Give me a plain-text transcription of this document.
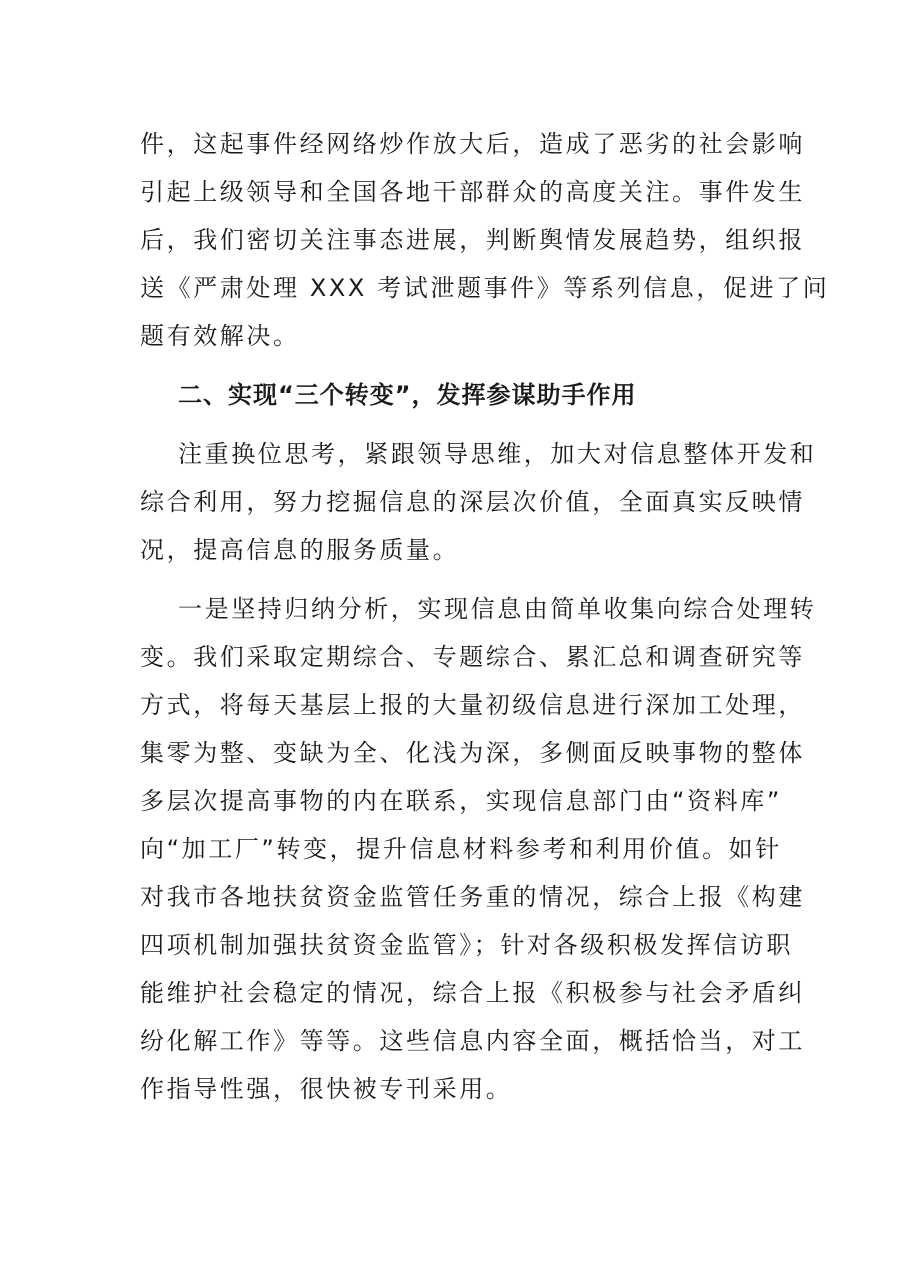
件，这起事件经网络炒作放大后，造成了恶劣的社会影响
引起上级领导和全国各地干部群众的高度关注。事件发生
后，我们密切关注事态进展，判断舆情发展趋势，组织报
送《严肃处理 XXX 考试泄题事件》等系列信息，促进了问
题有效解决。
二、实现“三个转变”，发挥参谋助手作用
注重换位思考，紧跟领导思维，加大对信息整体开发和
综合利用，努力挖掘信息的深层次价值，全面真实反映情
况，提高信息的服务质量。
一是坚持归纳分析，实现信息由简单收集向综合处理转
变。我们采取定期综合、专题综合、累汇总和调查研究等
方式，将每天基层上报的大量初级信息进行深加工处理，
集零为整、变缺为全、化浅为深，多侧面反映事物的整体
多层次提高事物的内在联系，实现信息部门由“资料库”
向“加工厂”转变，提升信息材料参考和利用价值。如针
对我市各地扶贫资金监管任务重的情况，综合上报《构建
四项机制加强扶贫资金监管》；针对各级积极发挥信访职
能维护社会稳定的情况，综合上报《积极参与社会矛盾纠
纷化解工作》等等。这些信息内容全面，概括恰当，对工
作指导性强，很快被专刊采用。
